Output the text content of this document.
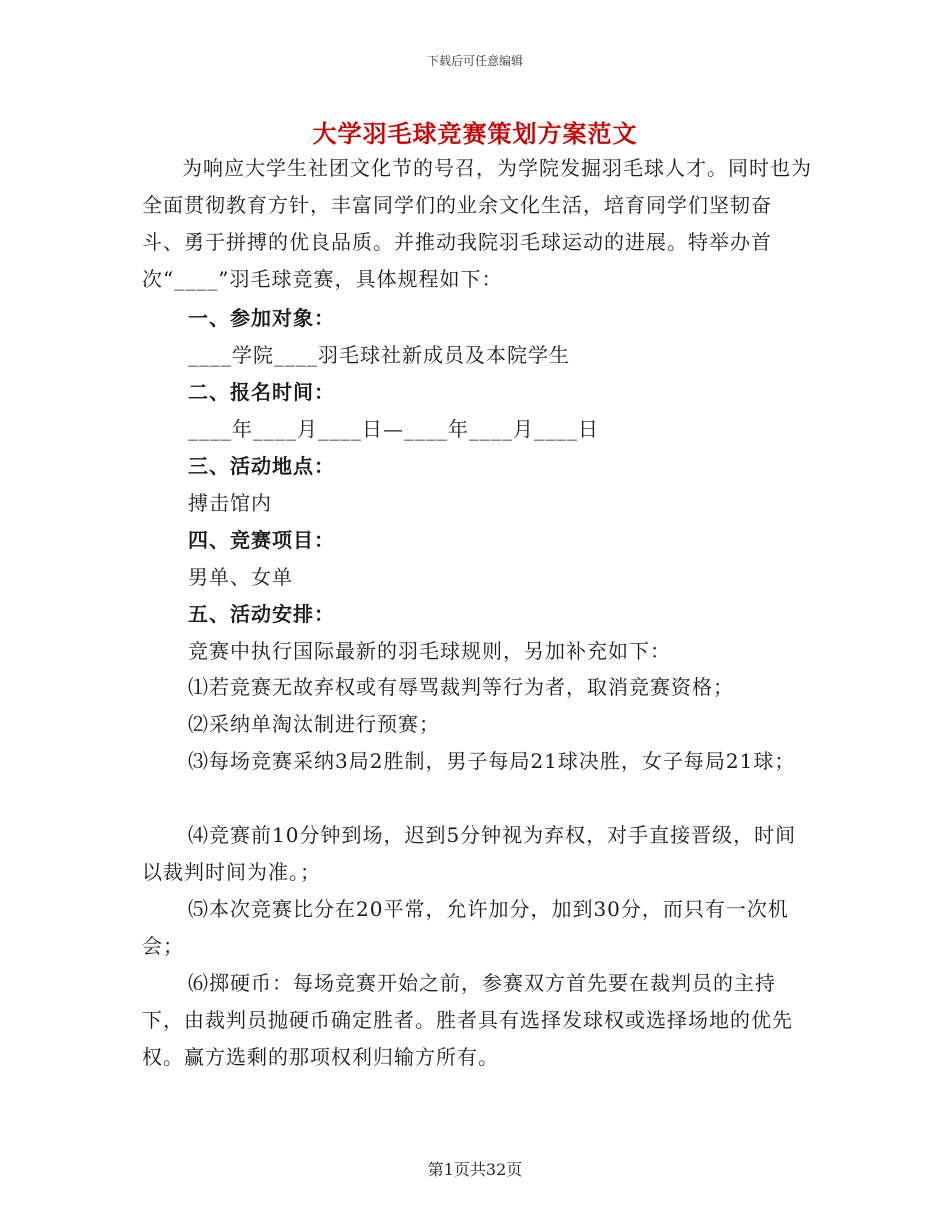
下载后可任意编辑
大学羽毛球竞赛策划方案范文

为响应大学生社团文化节的号召，为学院发掘羽毛球人才。同时也为全面贯彻教育方针，丰富同学们的业余文化生活，培育同学们坚韧奋斗、勇于拼搏的优良品质。并推动我院羽毛球运动的进展。特举办首次“____”羽毛球竞赛，具体规程如下：

一、参加对象：
____学院____羽毛球社新成员及本院学生
二、报名时间：
____年____月____日—____年____月____日
三、活动地点：
搏击馆内
四、竞赛项目：
男单、女单
五、活动安排：
竞赛中执行国际最新的羽毛球规则，另加补充如下：

⑴若竞赛无故弃权或有辱骂裁判等行为者，取消竞赛资格；

⑵采纳单淘汰制进行预赛；

⑶每场竞赛采纳3局2胜制，男子每局21球决胜，女子每局21球；

⑷竞赛前10分钟到场，迟到5分钟视为弃权，对手直接晋级，时间以裁判时间为准。；

⑸本次竞赛比分在20平常，允许加分，加到30分，而只有一次机会；

⑹掷硬币：每场竞赛开始之前，参赛双方首先要在裁判员的主持下，由裁判员抛硬币确定胜者。胜者具有选择发球权或选择场地的优先权。赢方选剩的那项权利归输方所有。

第1页共32页
